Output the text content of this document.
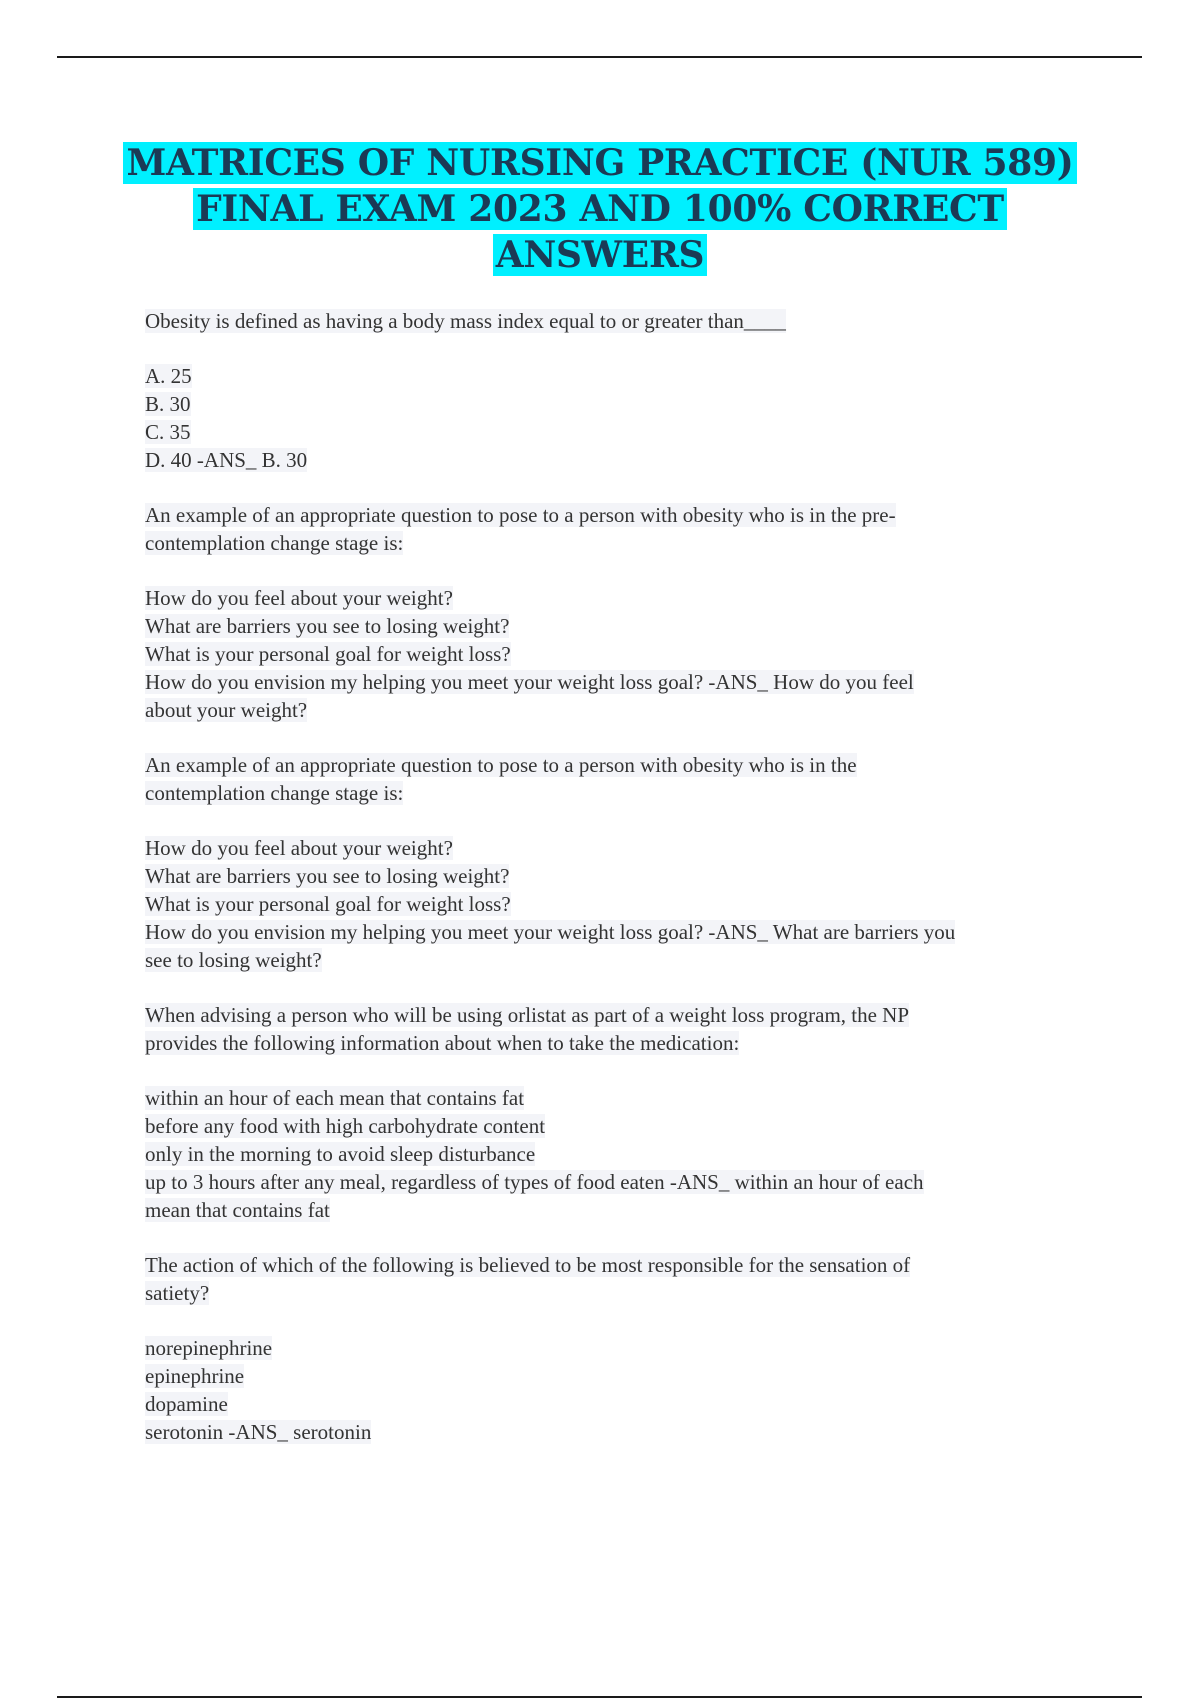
MATRICES OF NURSING PRACTICE (NUR 589) FINAL EXAM 2023 AND 100% CORRECT ANSWERS
Obesity is defined as having a body mass index equal to or greater than____
A. 25
B. 30
C. 35
D. 40 -ANS_ B. 30
An example of an appropriate question to pose to a person with obesity who is in the pre-
contemplation change stage is:
How do you feel about your weight?
What are barriers you see to losing weight?
What is your personal goal for weight loss?
How do you envision my helping you meet your weight loss goal? -ANS_ How do you feel
about your weight?
An example of an appropriate question to pose to a person with obesity who is in the
contemplation change stage is:
How do you feel about your weight?
What are barriers you see to losing weight?
What is your personal goal for weight loss?
How do you envision my helping you meet your weight loss goal? -ANS_ What are barriers you
see to losing weight?
When advising a person who will be using orlistat as part of a weight loss program, the NP
provides the following information about when to take the medication:
within an hour of each mean that contains fat
before any food with high carbohydrate content
only in the morning to avoid sleep disturbance
up to 3 hours after any meal, regardless of types of food eaten -ANS_ within an hour of each
mean that contains fat
The action of which of the following is believed to be most responsible for the sensation of
satiety?
norepinephrine
epinephrine
dopamine
serotonin -ANS_ serotonin
